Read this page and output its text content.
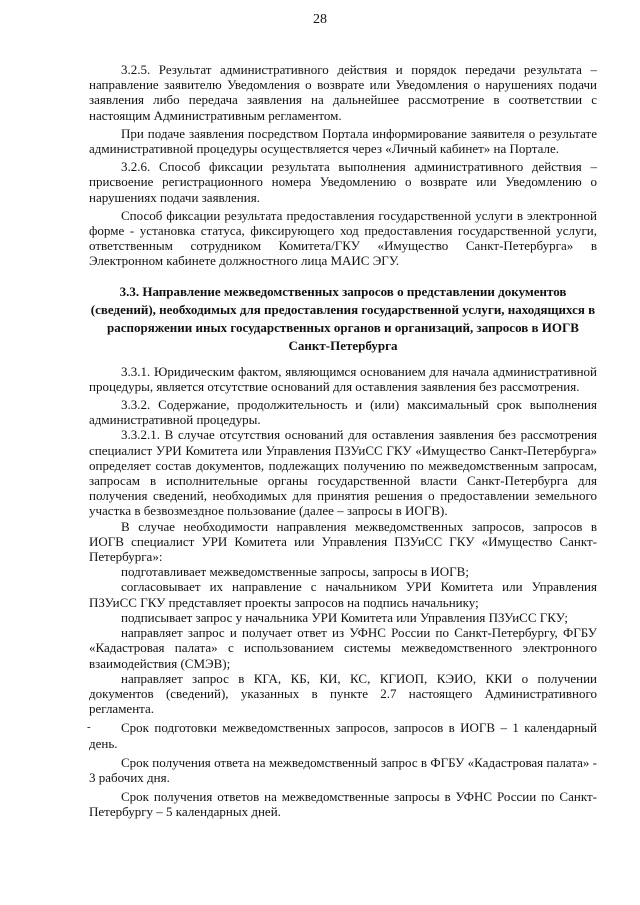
28

3.2.5. Результат административного действия и порядок передачи результата – направление заявителю Уведомления о возврате или Уведомления о нарушениях подачи заявления либо передача заявления на дальнейшее рассмотрение в соответствии с настоящим Административным регламентом.

При подаче заявления посредством Портала информирование заявителя о результате административной процедуры осуществляется через «Личный кабинет» на Портале.

3.2.6. Способ фиксации результата выполнения административного действия – присвоение регистрационного номера Уведомлению о возврате или Уведомлению о нарушениях подачи заявления.

Способ фиксации результата предоставления государственной услуги в электронной форме - установка статуса, фиксирующего ход предоставления государственной услуги, ответственным сотрудником Комитета/ГКУ «Имущество Санкт-Петербурга» в Электронном кабинете должностного лица МАИС ЭГУ.

3.3. Направление межведомственных запросов о представлении документов (сведений), необходимых для предоставления государственной услуги, находящихся в распоряжении иных государственных органов и организаций, запросов в ИОГВ Санкт-Петербурга

3.3.1. Юридическим фактом, являющимся основанием для начала административной процедуры, является отсутствие оснований для оставления заявления без рассмотрения.

3.3.2. Содержание, продолжительность и (или) максимальный срок выполнения административной процедуры.

3.3.2.1. В случае отсутствия оснований для оставления заявления без рассмотрения специалист УРИ Комитета или Управления ПЗУиСС ГКУ «Имущество Санкт-Петербурга» определяет состав документов, подлежащих получению по межведомственным запросам, запросам в исполнительные органы государственной власти Санкт-Петербурга для получения сведений, необходимых для принятия решения о предоставлении земельного участка в безвозмездное пользование (далее – запросы в ИОГВ).

В случае необходимости направления межведомственных запросов, запросов в ИОГВ специалист УРИ Комитета или Управления ПЗУиСС ГКУ «Имущество Санкт-Петербурга»:

подготавливает межведомственные запросы, запросы в ИОГВ;

согласовывает их направление с начальником УРИ Комитета или Управления ПЗУиСС ГКУ представляет проекты запросов на подпись начальнику;

подписывает запрос у начальника УРИ Комитета или Управления ПЗУиСС ГКУ;

направляет запрос и получает ответ из УФНС России по Санкт-Петербургу, ФГБУ «Кадастровая палата» с использованием системы межведомственного электронного взаимодействия (СМЭВ);

направляет запрос в КГА, КБ, КИ, КС, КГИОП, КЭИО, ККИ о получении документов (сведений), указанных в пункте 2.7 настоящего Административного регламента.

-	Срок подготовки межведомственных запросов, запросов в ИОГВ – 1 календарный день.

Срок получения ответа на межведомственный запрос в ФГБУ «Кадастровая палата» - 3 рабочих дня.

Срок получения ответов на межведомственные запросы в УФНС России по Санкт-Петербургу – 5 календарных дней.
